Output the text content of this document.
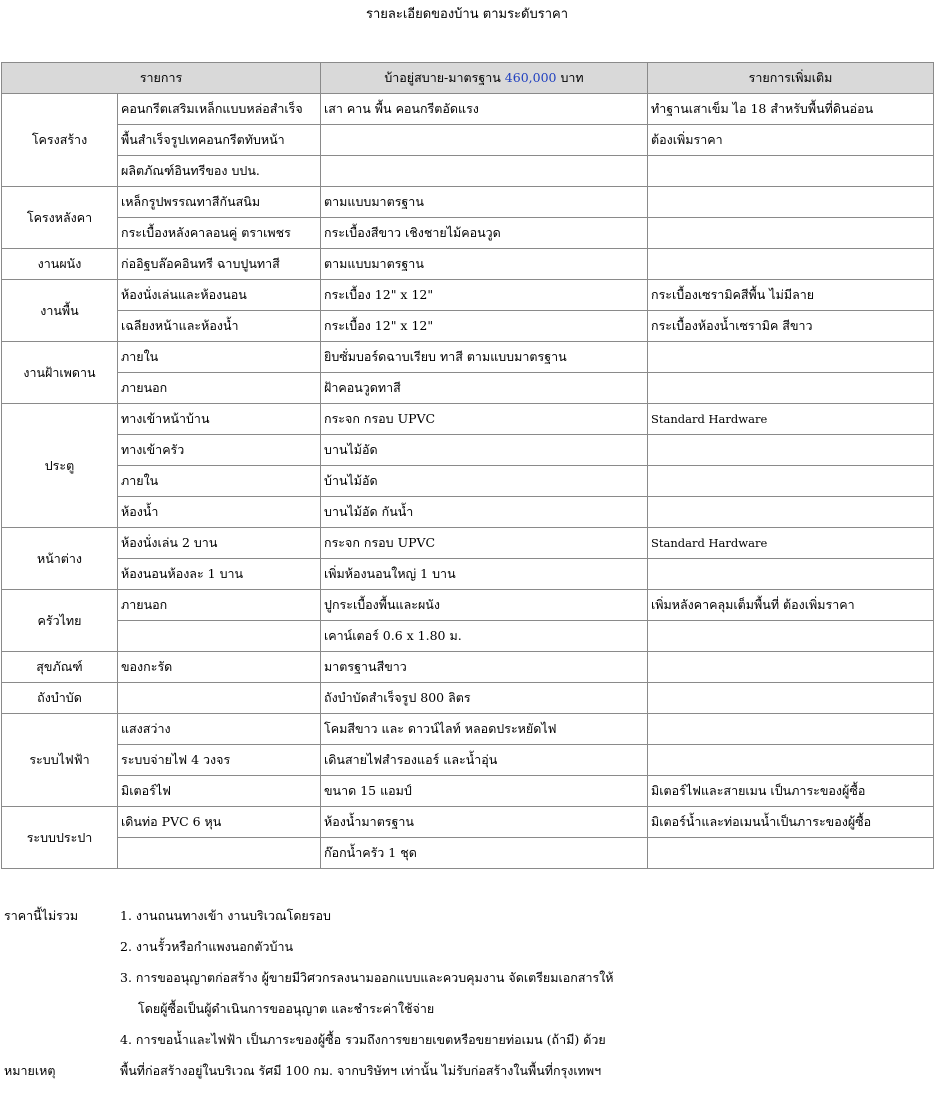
รายละเอียดของบ้าน ตามระดับราคา
รายการ		บ้าอยู่สบาย-มาตรฐาน 460,000 บาท	รายการเพิ่มเติม
โครงสร้าง	คอนกรีตเสริมเหล็กแบบหล่อสำเร็จ	เสา คาน พื้น คอนกรีตอัดแรง	ทำฐานเสาเข็ม ไอ 18 สำหรับพื้นที่ดินอ่อน
	พื้นสำเร็จรูปเทคอนกรีตทับหน้า		ต้องเพิ่มราคา
	ผลิตภัณฑ์อินทรีของ บปน.		
โครงหลังคา	เหล็กรูปพรรณทาสีกันสนิม	ตามแบบมาตรฐาน	
	กระเบื้องหลังคาลอนคู่ ตราเพชร	กระเบื้องสีขาว เชิงชายไม้คอนวูด	
งานผนัง	ก่ออิฐบล๊อคอินทรี ฉาบปูนทาสี	ตามแบบมาตรฐาน	
งานพื้น	ห้องนั่งเล่นและห้องนอน	กระเบื้อง 12" x 12"	กระเบื้องเซรามิคสีพื้น ไม่มีลาย
	เฉลียงหน้าและห้องน้ำ	กระเบื้อง 12" x 12"	กระเบื้องห้องน้ำเซรามิค สีขาว
งานฝ้าเพดาน	ภายใน	ยิบซั่มบอร์ดฉาบเรียบ ทาสี ตามแบบมาตรฐาน	
	ภายนอก	ฝ้าคอนวูดทาสี	
ประตู	ทางเข้าหน้าบ้าน	กระจก กรอบ UPVC	Standard Hardware
	ทางเข้าครัว	บานไม้อัด	
	ภายใน	บ้านไม้อัด	
	ห้องน้ำ	บานไม้อัด กันน้ำ	
หน้าต่าง	ห้องนั่งเล่น 2 บาน	กระจก กรอบ UPVC	Standard Hardware
	ห้องนอนห้องละ 1 บาน	เพิ่มห้องนอนใหญ่ 1 บาน	
ครัวไทย	ภายนอก	ปูกระเบื้องพื้นและผนัง	เพิ่มหลังคาคลุมเต็มพื้นที่ ต้องเพิ่มราคา
		เคาน์เตอร์ 0.6 x 1.80 ม.	
สุขภัณฑ์	ของกะรัด	มาตรฐานสีขาว	
ถังบำบัด		ถังบำบัดสำเร็จรูป 800 ลิตร	
ระบบไฟฟ้า	แสงสว่าง	โคมสีขาว และ ดาวน์ไลท์ หลอดประหยัดไฟ	
	ระบบจ่ายไฟ 4 วงจร	เดินสายไฟสำรองแอร์ และน้ำอุ่น	
	มิเตอร์ไฟ	ขนาด 15 แอมป์	มิเตอร์ไฟและสายเมน เป็นภาระของผู้ซื้อ
ระบบประปา	เดินท่อ PVC 6 หุน	ห้องน้ำมาตรฐาน	มิเตอร์น้ำและท่อเมนน้ำเป็นภาระของผู้ซื้อ
		ก๊อกน้ำครัว 1 ชุด	
ราคานี้ไม่รวม	1. งานถนนทางเข้า งานบริเวณโดยรอบ
2. งานรั้วหรือกำแพงนอกตัวบ้าน
3. การขออนุญาตก่อสร้าง ผู้ขายมีวิศวกรลงนามออกแบบและควบคุมงาน จัดเตรียมเอกสารให้
โดยผู้ซื้อเป็นผู้ดำเนินการขออนุญาต และชำระค่าใช้จ่าย
4. การขอน้ำและไฟฟ้า เป็นภาระของผู้ซื้อ รวมถึงการขยายเขตหรือขยายท่อเมน (ถ้ามี) ด้วย
หมายเหตุ	พื้นที่ก่อสร้างอยู่ในบริเวณ รัศมี 100 กม. จากบริษัทฯ เท่านั้น ไม่รับก่อสร้างในพื้นที่กรุงเทพฯ
